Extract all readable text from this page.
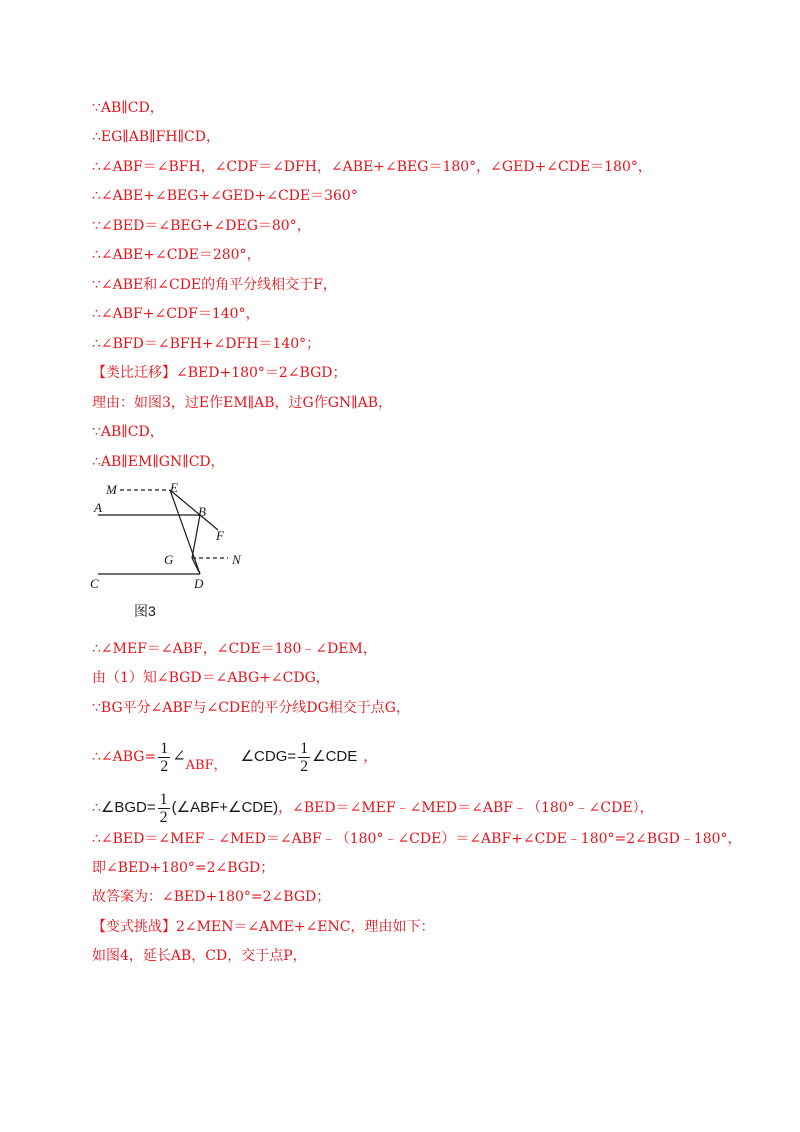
∵AB∥CD，
∴EG∥AB∥FH∥CD，
∴∠ABF＝∠BFH，∠CDF＝∠DFH，∠ABE+∠BEG＝180°，∠GED+∠CDE＝180°，
∴∠ABE+∠BEG+∠GED+∠CDE＝360°
∵∠BED＝∠BEG+∠DEG＝80°，
∴∠ABE+∠CDE＝280°，
∵∠ABE和∠CDE的角平分线相交于F，
∴∠ABF+∠CDF＝140°，
∴∠BFD＝∠BFH+∠DFH＝140°；
【类比迁移】∠BED+180°＝2∠BGD；
理由：如图3，过E作EM∥AB，过G作GN∥AB，
∵AB∥CD，
∴AB∥EM∥GN∥CD，
M	E
A	B
F
G	N
C	D
图3
∴∠MEF＝∠ABF，∠CDE＝180﹣∠DEM，
由（1）知∠BGD＝∠ABG+∠CDG，
∵BG平分∠ABF与∠CDE的平分线DG相交于点G，
∴∠ABG= $\frac{1}{2}$ ∠ABF，∠CDG= $\frac{1}{2}$ ∠CDE ，
∴∠BGD= $\frac{1}{2}$ (∠ABF+∠CDE)，∠BED＝∠MEF﹣∠MED＝∠ABF﹣（180°﹣∠CDE），
∴∠BED＝∠MEF﹣∠MED＝∠ABF﹣（180°﹣∠CDE）＝∠ABF+∠CDE﹣180°=2∠BGD﹣180°，
即∠BED+180°=2∠BGD；
故答案为：∠BED+180°=2∠BGD；
【变式挑战】2∠MEN＝∠AME+∠ENC，理由如下：
如图4，延长AB，CD，交于点P，
